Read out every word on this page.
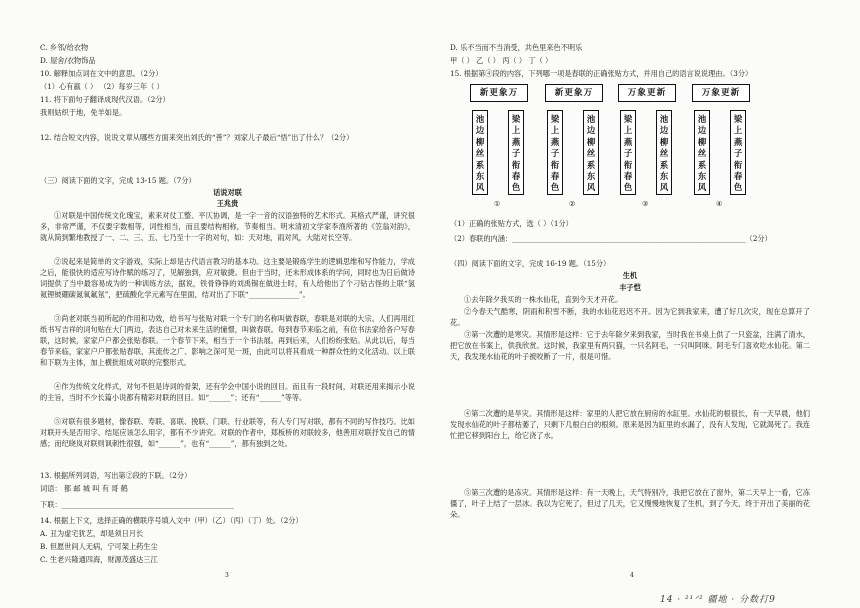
C. 乡邻/给衣物
D. 屋舍/衣物饰品
10. 解释加点词在文中的意思。（2分）
（1）心有嬴（ ） （2）每岁三年（ ）
11. 将下面句子翻译成现代汉语。（2分）
我则姑织于地，免羊如是。
12. 结合短文内容，说说文章从哪些方面来突出刘氏的“善”？刘家儿子最后“悟”出了什么？（2分）
（三）阅读下面的文字，完成 13-15 题。（7分）
话说对联
王兆贵
①对联是中国传统文化瑰宝，素来对仗工整、平仄协调，是一字一音的汉语独特的艺术形式。其格式严谨，讲究很多，非常严谨，不仅要字数相等，词性相当，而且要结构相称，节奏相当。明末清初文学家李渔所著的《笠翁对韵》，就从简到繁地教授了一、二、三、五、七乃至十一字的对句，如：天对地，雨对风，大陆对长空等。
②说起来是简单的文字游戏，实际上却是古代语言教习的基本功。这主要是锻炼学生的逻辑思维和写作能力，学成之后，能很快的适应写诗作赋的练习了，见解独到，应对敏捷。但由于当时，还未形成体系的学问，同时也为日后做诗词提供了当中最容易成为的一种训练方法，据说，铁骨铮铮的刘禹锡在做进士时，有人给他出了个刁钻古怪的上联“氢氦锂铍硼碳氮氧氟氖”，把硫酸化学元素写在里面，结对出了下联“______________”。
③尚老对联当初所起的作用和功效，给书写与张贴对联一个专门的名称叫做春联，春联是对联的大宗。人们再用红纸书写吉祥的词句贴在大门两边，表达自己对未来生活的憧憬，叫做春联。每到春节来临之前，有位书法家给各户写春联，这时候，家家户户都会张贴春联。一个春节下来，相当于一个书法展。再到后来，人们纷纷张贴。从此以后，每当春节来临，家家户户都张贴春联，其流传之广、影响之深可见一斑，由此可以将其看成一种群众性的文化活动。以上联和下联为主体，加上横批组成对联的完整形式。
④作为传统文化样式，对句不但是诗词的骨架，还有学会中国小说的回目。而且有一段时间，对联还用来揭示小说的主旨，当时不少长篇小说都有精彩对联的回目。如“______”；还有“______”等等。
⑤对联有很多题材，像春联、寿联、喜联、挽联、门联、行业联等，有人专门写对联，都有不同的写作技巧。比如对联开头是否用字、结尾应该怎么用字，都有不少讲究。对联的作者中，郑板桥的对联较多，他善用对联抒发自己的情感；而纪晓岚对联则讽刺性很强，如“______”，也有“______”，都有独到之处。
13. 根据所列词语，写出第②段的下联。（2分）
词语： 都 邮 城 叫 有 哥 鹤
下联：________________________________________________
14. 根据上下文，选择正确的横联序号填入文中（甲）（乙）（丙）（丁）处。（2分）
A. 丑为虚宅犹艺，却是须日月长
B. 但愿世间人无病，宁可架上药生尘
C. 生老兴隆通四海，财源茂盛达三江
3
D. 乐不当而不当消受，共色里来色不明乐
甲（ ） 乙（ ） 丙（ ） 丁（ ）
15. 根据第④段的内容，下列哪一项是春联的正确张贴方式，并用自己的语言说说理由。（3分）
新更象万
池边柳丝系东风
梁上燕子衔春色
①
新更象万
梁上燕子衔春色
池边柳丝系东风
②
万象更新
梁上燕子衔春色
池边柳丝系东风
③
万象更新
池边柳丝系东风
梁上燕子衔春色
④
（1）正确的张贴方式，选（ ）（1分）
（2）春联的内涵：_________________________________________________________________（2分）
（四）阅读下面的文字，完成 16-19 题。（15分）
生机
丰子恺
①去年除夕我买的一株水仙花，直到今天才开花。
②今春天气酷寒，阴雨和积雪不断，我的水仙花迟迟不开。因为它到我家来，遭了好几次灾，现在总算开了花。
③第一次遭的是寒灾。其情形是这样：它于去年除夕来到我家，当时我在书桌上供了一只瓷盆，注满了清水，把它放在书案上，供我欣赏。这时候，我家里有两只猫，一只名阿毛，一只叫阿咪。阿毛专门喜欢吃水仙花。第二天，我发现水仙花的叶子被咬断了一片，很是可惜。
④第二次遭的是旱灾。其情形是这样：家里的人把它放在厨房的水缸里。水仙花的根很长，有一天早晨，他们发现水仙花的叶子都枯萎了，只剩下几根白白的根须。原来是因为缸里的水漏了，没有人发现，它就渴死了。我连忙把它移到阳台上，给它浇了水。
⑤第三次遭的是冻灾。其情形是这样：有一天晚上，天气特别冷，我把它放在了窗外，第二天早上一看，它冻僵了，叶子上结了一层冰。我以为它死了，但过了几天，它又慢慢地恢复了生机，到了今天，终于开出了美丽的花朵。
4
14 · ²¹ᐟ² 疆地 · 分数打9
